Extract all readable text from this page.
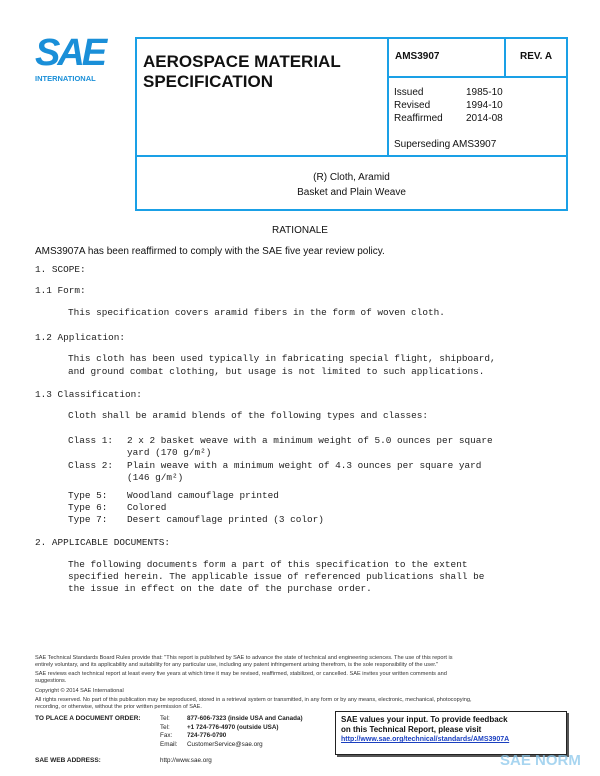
SAE
INTERNATIONAL
AEROSPACE MATERIAL
SPECIFICATION
AMS3907	REV. A
Issued	1985-10
Revised	1994-10
Reaffirmed 2014-08
Superseding AMS3907
(R) Cloth, Aramid
Basket and Plain Weave
RATIONALE
AMS3907A has been reaffirmed to comply with the SAE five year review policy.
1. SCOPE:
1.1 Form:
This specification covers aramid fibers in the form of woven cloth.
1.2 Application:
This cloth has been used typically in fabricating special flight, shipboard,
and ground combat clothing, but usage is not limited to such applications.
1.3 Classification:
Cloth shall be aramid blends of the following types and classes:
Class 1: 2 x 2 basket weave with a minimum weight of 5.0 ounces per square
yard (170 g/m²)
Class 2: Plain weave with a minimum weight of 4.3 ounces per square yard
(146 g/m²)
Type 5: Woodland camouflage printed
Type 6: Colored
Type 7: Desert camouflage printed (3 color)
2. APPLICABLE DOCUMENTS:
The following documents form a part of this specification to the extent
specified herein. The applicable issue of referenced publications shall be
the issue in effect on the date of the purchase order.
SAE Technical Standards Board Rules provide that: "This report is published by SAE to advance the state of technical and engineering sciences. The use of this report is
entirely voluntary, and its applicability and suitability for any particular use, including any patent infringement arising therefrom, is the sole responsibility of the user."
SAE reviews each technical report at least every five years at which time it may be revised, reaffirmed, stabilized, or cancelled. SAE invites your written comments and
suggestions.
Copyright © 2014 SAE International
All rights reserved. No part of this publication may be reproduced, stored in a retrieval system or transmitted, in any form or by any means, electronic, mechanical, photocopying,
recording, or otherwise, without the prior written permission of SAE.
TO PLACE A DOCUMENT ORDER:
SAE WEB ADDRESS:
Tel:	877-606-7323 (inside USA and Canada)
Tel:	+1 724-776-4970 (outside USA)
Fax: 724-776-0790
Email: CustomerService@sae.org
http://www.sae.org
SAE values your input. To provide feedback
on this Technical Report, please visit
http://www.sae.org/technical/standards/AMS3907A
SAE NORM
